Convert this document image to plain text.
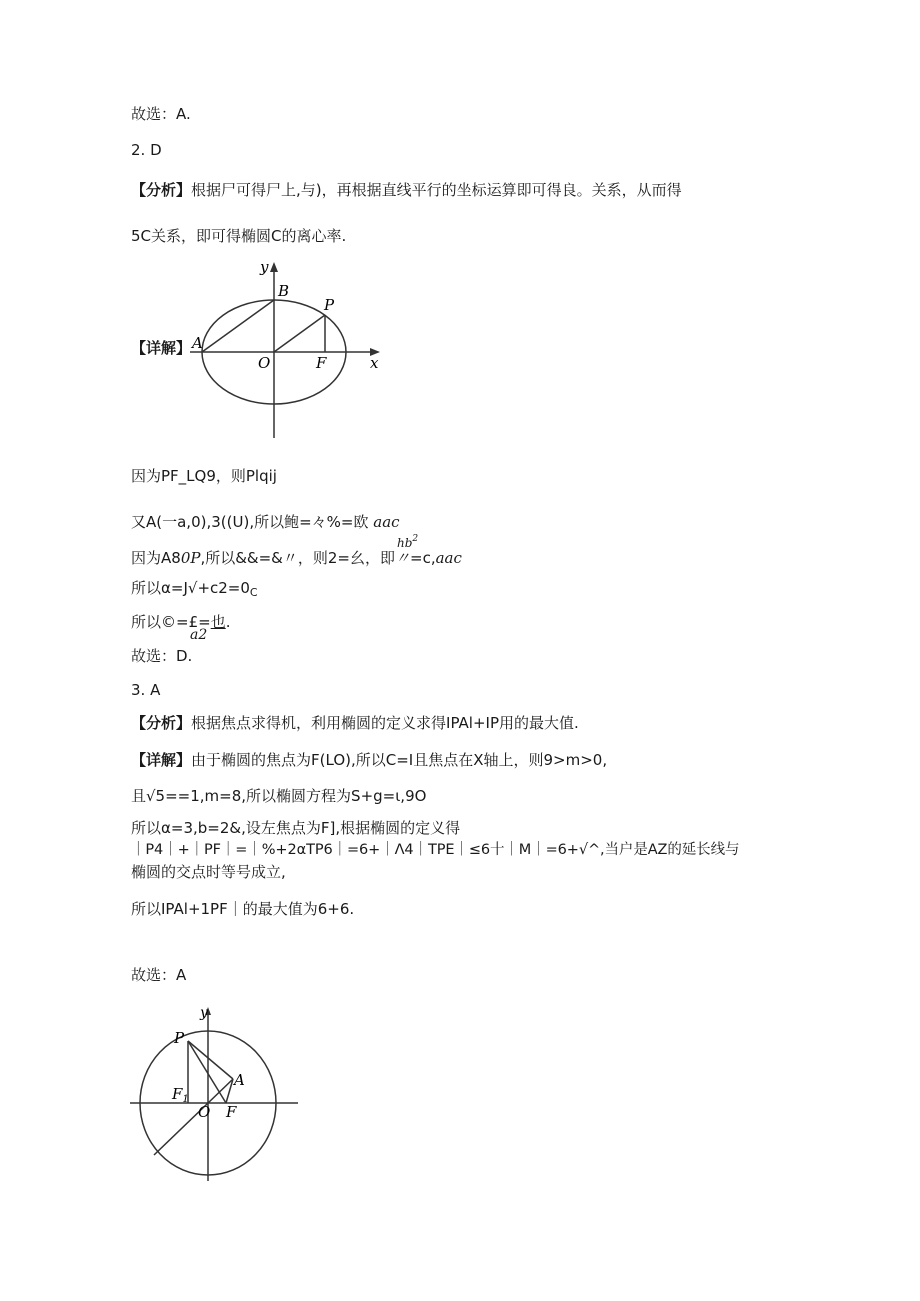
故选：A.
2. D
【分析】根据尸可得尸上,与)，再根据直线平行的坐标运算即可得良。关系，从而得
5C关系，即可得椭圆C的离心率.
【详解】
y
x
A
B
P
O	F
因为PF_LQ9，则Plqij
又A(一a,0),3((U),所以鲍=々%=欧 aac
$hb^2$
因为A80P,所以&&=&〃，则2=幺，即〃=c,aac
所以$\alpha=J√+c2=0_C$
所以©=£=也.
a2
故选：D.
3. A
【分析】根据焦点求得机，利用椭圆的定义求得IPAl+IP用的最大值.
【详解】由于椭圆的焦点为F(LO),所以C=I且焦点在X轴上，则9>m>0,
且√5==1,m=8,所以椭圆方程为S+g=ι,9O
所以α=3,b=2&,设左焦点为F],根据椭圆的定义得
｜P4｜+｜PF｜=｜%+2αTP6｜=6+｜Λ4｜TPE｜≤6十｜M｜=6+√^,当户是AZ的延长线与
椭圆的交点时等号成立,
所以IPAl+1PF｜的最大值为6+6.
故选：A
y
P
A
$F_1$
O F
